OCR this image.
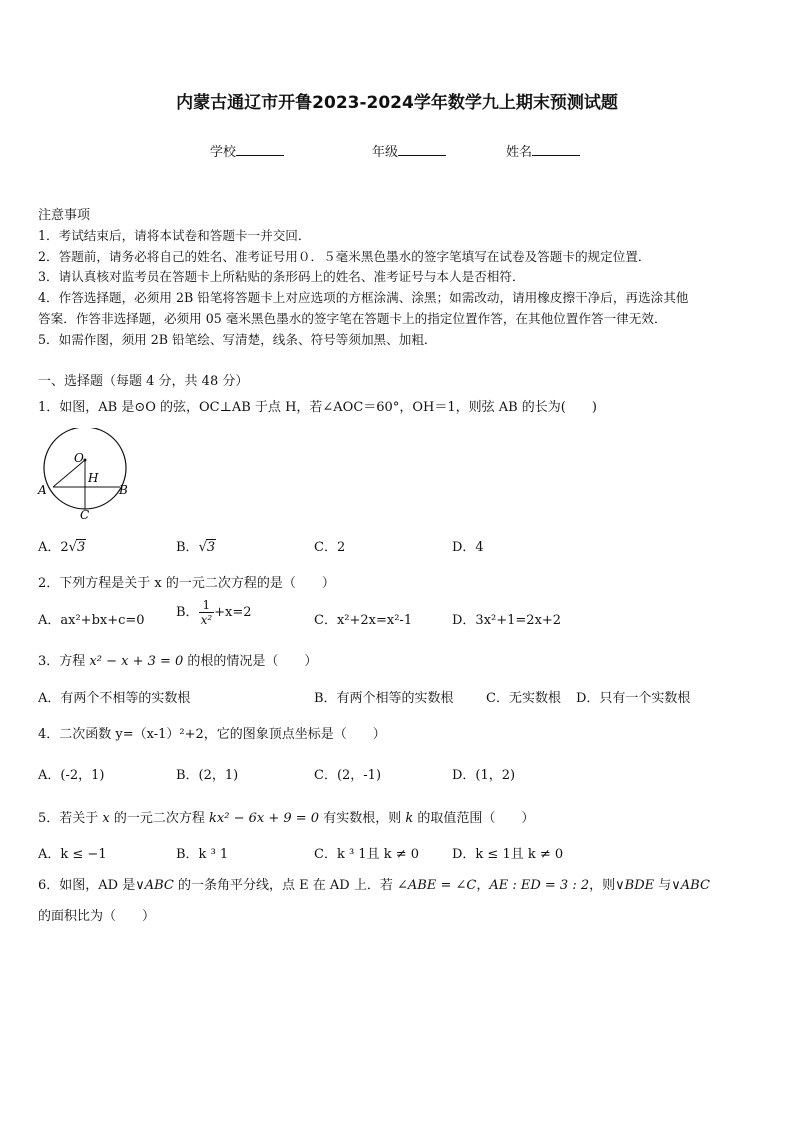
内蒙古通辽市开鲁2023-2024学年数学九上期末预测试题
学校	年级	姓名
注意事项
1．考试结束后，请将本试卷和答题卡一并交回．
2．答题前，请务必将自己的姓名、准考证号用０．５毫米黑色墨水的签字笔填写在试卷及答题卡的规定位置．
3．请认真核对监考员在答题卡上所粘贴的条形码上的姓名、准考证号与本人是否相符．
4．作答选择题，必须用 2B 铅笔将答题卡上对应选项的方框涂满、涂黑；如需改动，请用橡皮擦干净后，再选涂其他
答案．作答非选择题，必须用 05 毫米黑色墨水的签字笔在答题卡上的指定位置作答，在其他位置作答一律无效．
5．如需作图，须用 2B 铅笔绘、写清楚，线条、符号等须加黑、加粗．
一、选择题（每题 4 分，共 48 分）
1．如图，AB 是⊙O 的弦，OC⊥AB 于点 H，若∠AOC＝60°，OH＝1，则弦 AB 的长为(　　)
O
H
A	B
C
A．2√3	B．√3	C．2	D．4
2．下列方程是关于 x 的一元二次方程的是（　　）
A．ax²+bx+c=0
B． $\frac{1}{\text{x²}} +x=2$
C．x²+2x=x²-1	D．3x²+1=2x+2
3．方程 x² − x + 3 = 0 的根的情况是（　　）
A．有两个不相等的实数根	B．有两个相等的实数根 C．无实数根 D．只有一个实数根
4．二次函数 y=（x-1）²+2，它的图象顶点坐标是（　　）
A．(-2，1)	B．(2，1)	C．(2，-1)	D．(1，2)
5．若关于 x 的一元二次方程 kx² − 6x + 9 = 0 有实数根，则 k 的取值范围（　　）
A．k ≤ −1	B．k ³ 1	C．k ³ 1且 k ≠ 0	D．k ≤ 1且 k ≠ 0
6．如图，AD 是∨ABC 的一条角平分线，点 E 在 AD 上．若 ∠ABE = ∠C，AE : ED = 3 : 2，则∨BDE 与∨ABC
的面积比为（　　）
